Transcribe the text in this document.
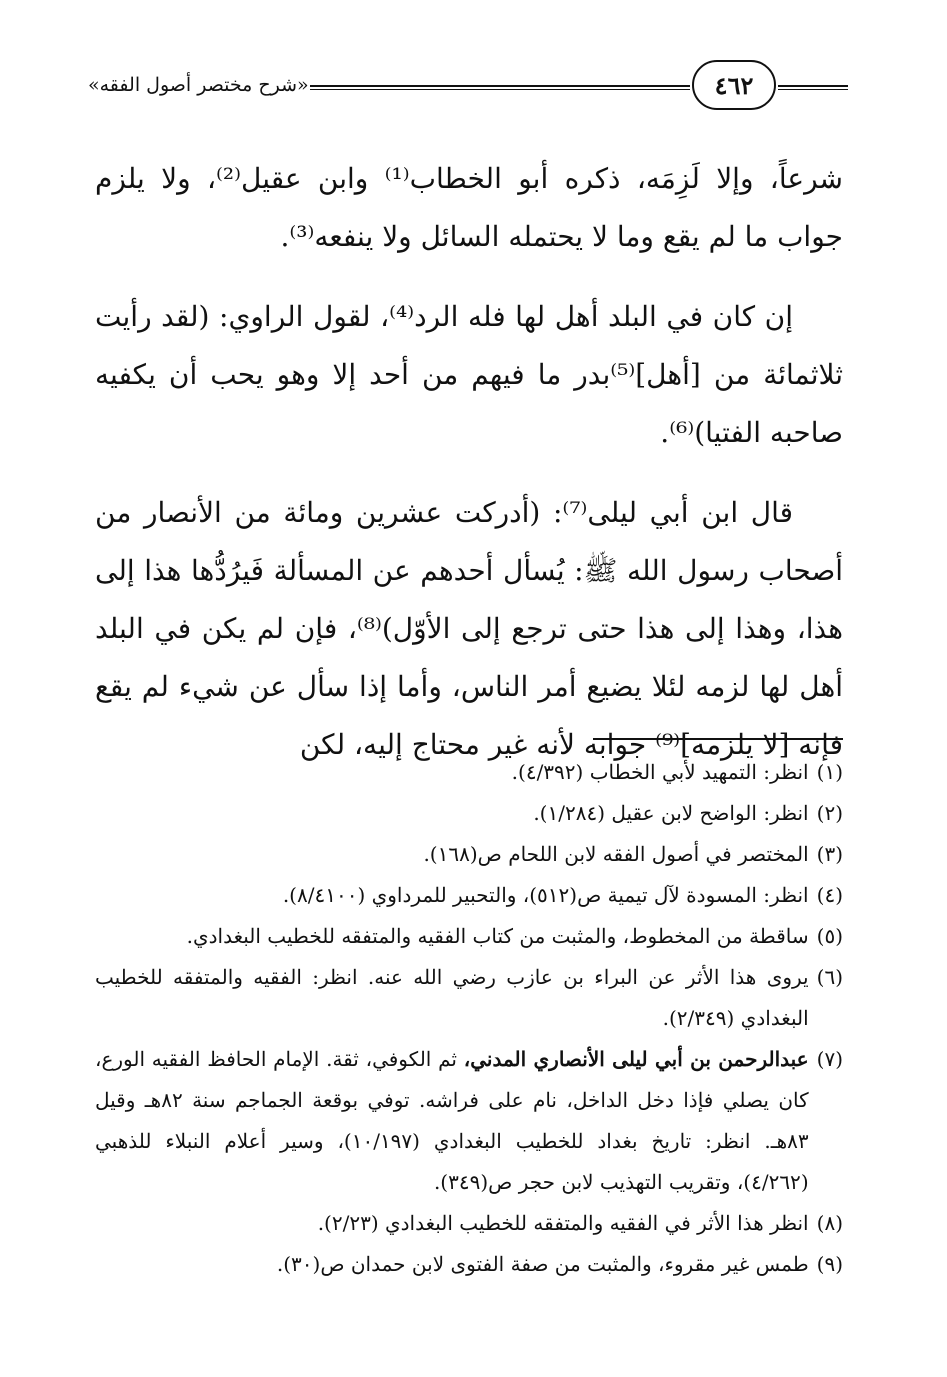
«شرح مختصر أصول الفقه»	٤٦٢

شرعاً، وإلا لَزِمَه، ذكره أبو الخطاب⁽¹⁾ وابن عقيل⁽²⁾، ولا يلزم جواب ما لم يقع وما لا يحتمله السائل ولا ينفعه⁽³⁾.

إن كان في البلد أهل لها فله الرد⁽⁴⁾، لقول الراوي: (لقد رأيت ثلاثمائة من [أهل]⁽⁵⁾بدر ما فيهم من أحد إلا وهو يحب أن يكفيه صاحبه الفتيا)⁽⁶⁾.

قال ابن أبي ليلى⁽⁷⁾: (أدركت عشرين ومائة من الأنصار من أصحاب رسول الله ﷺ: يُسأل أحدهم عن المسألة فَيرُدُّها هذا إلى هذا، وهذا إلى هذا حتى ترجع إلى الأوّل)⁽⁸⁾، فإن لم يكن في البلد أهل لها لزمه لئلا يضيع أمر الناس، وأما إذا سأل عن شيء لم يقع فإنه [لا يلزمه]⁽⁹⁾ جوابه لأنه غير محتاج إليه، لكن

(١)
انظر: التمهيد لأبي الخطاب (٤/٣٩٢).
(٢)
انظر: الواضح لابن عقيل (١/٢٨٤).
(٣)
المختصر في أصول الفقه لابن اللحام ص(١٦٨).
(٤)
انظر: المسودة لآل تيمية ص(٥١٢)، والتحبير للمرداوي (٨/٤١٠٠).
(٥)
ساقطة من المخطوط، والمثبت من كتاب الفقيه والمتفقه للخطيب البغدادي.
(٦)
يروى هذا الأثر عن البراء بن عازب رضي الله عنه. انظر: الفقيه والمتفقه للخطيب البغدادي (٢/٣٤٩).
(٧)
عبدالرحمن بن أبي ليلى الأنصاري المدني، ثم الكوفي، ثقة. الإمام الحافظ الفقيه الورع، كان يصلي فإذا دخل الداخل، نام على فراشه. توفي بوقعة الجماجم سنة ٨٢هـ وقيل ٨٣هـ. انظر: تاريخ بغداد للخطيب البغدادي (١٠/١٩٧)، وسير أعلام النبلاء للذهبي (٤/٢٦٢)، وتقريب التهذيب لابن حجر ص(٣٤٩).
(٨)
انظر هذا الأثر في الفقيه والمتفقه للخطيب البغدادي (٢/٢٣).
(٩)
طمس غير مقروء، والمثبت من صفة الفتوى لابن حمدان ص(٣٠).
